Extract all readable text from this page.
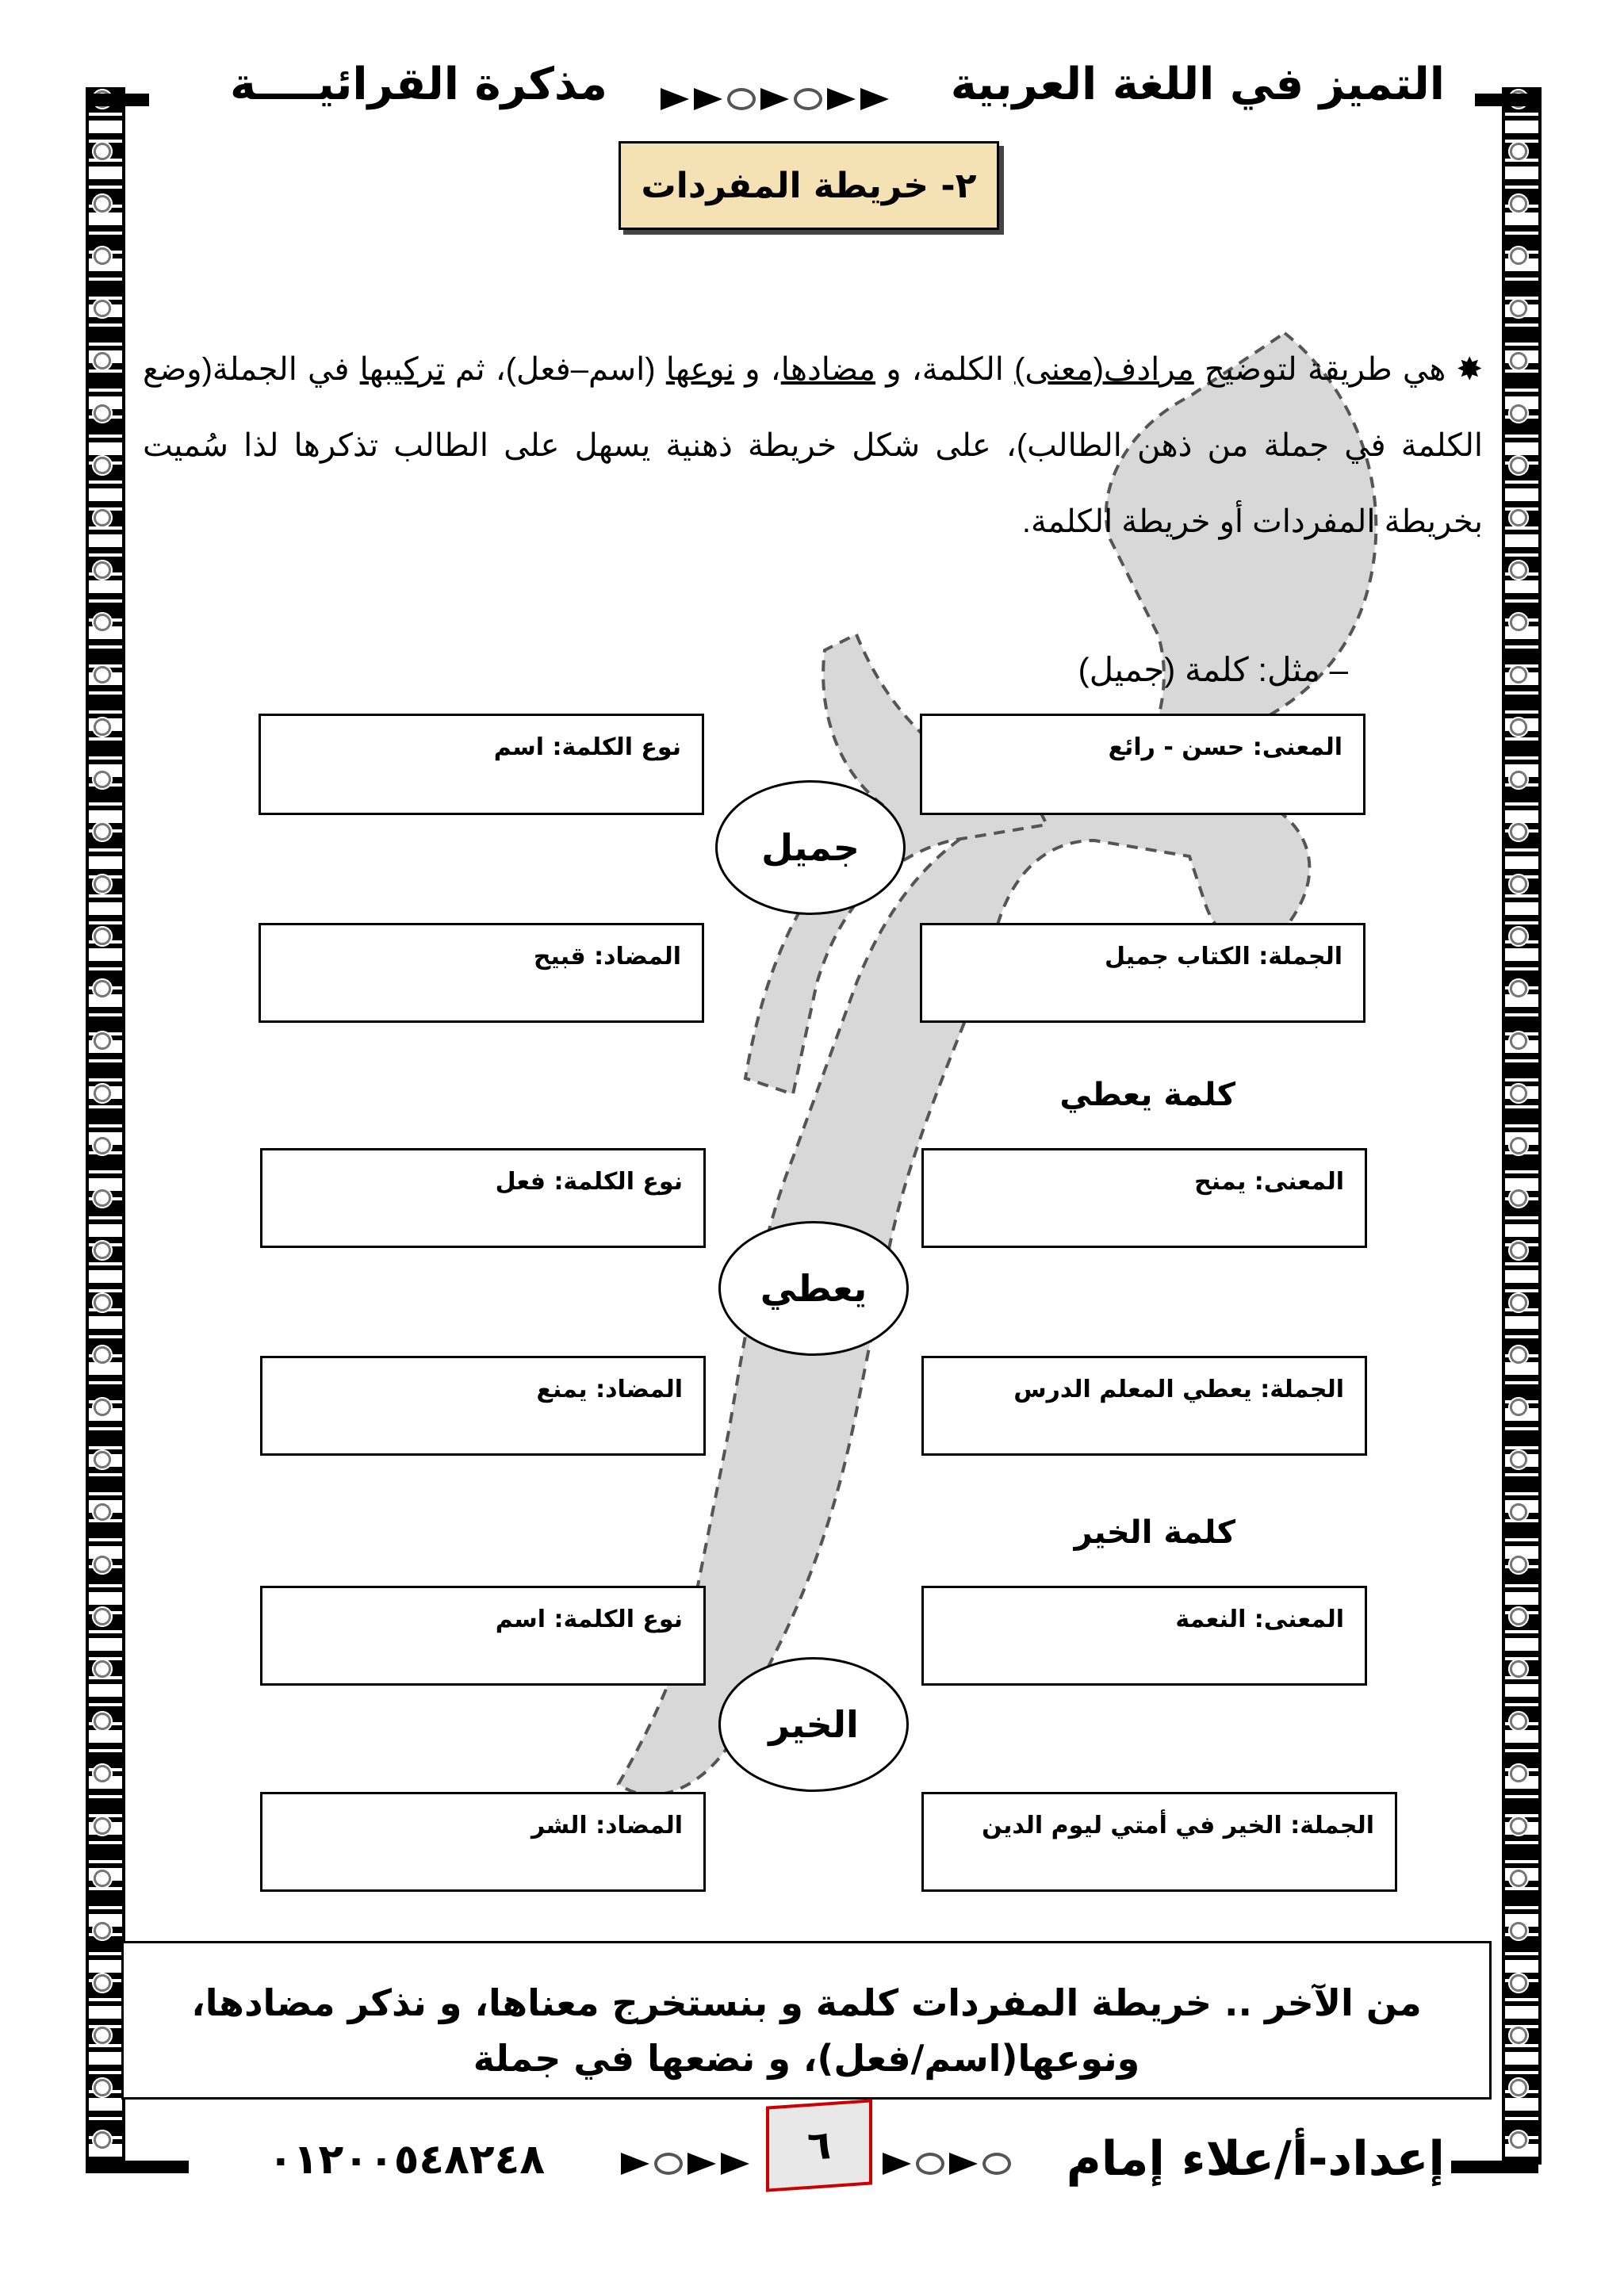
التميز في اللغة العربية
مذكرة القرائيــــة
٢- خريطة المفردات
✸ هي طريقة لتوضيح مرادف(معنى) الكلمة، و مضادها، و نوعها (اسم–فعل)، ثم تركيبها في الجملة(وضع الكلمة في جملة من ذهن الطالب)، على شكل خريطة ذهنية يسهل على الطالب تذكرها لذا سُميت بخريطة المفردات أو خريطة الكلمة.
– مثل: كلمة (جميل)
المعنى: حسن - رائع
نوع الكلمة: اسم
جميل
الجملة: الكتاب جميل
المضاد: قبيح
كلمة يعطي
المعنى: يمنح
نوع الكلمة: فعل
يعطي
الجملة: يعطي المعلم الدرس
المضاد: يمنع
كلمة الخير
المعنى: النعمة
نوع الكلمة: اسم
الخير
الجملة: الخير في أمتي ليوم الدين
المضاد: الشر
من الآخر .. خريطة المفردات كلمة و بنستخرج معناها، و نذكر مضادها، ونوعها(اسم/فعل)، و نضعها في جملة
إعداد-أ/علاء إمام
٠١٢٠٠٥٤٨٢٤٨	٦
